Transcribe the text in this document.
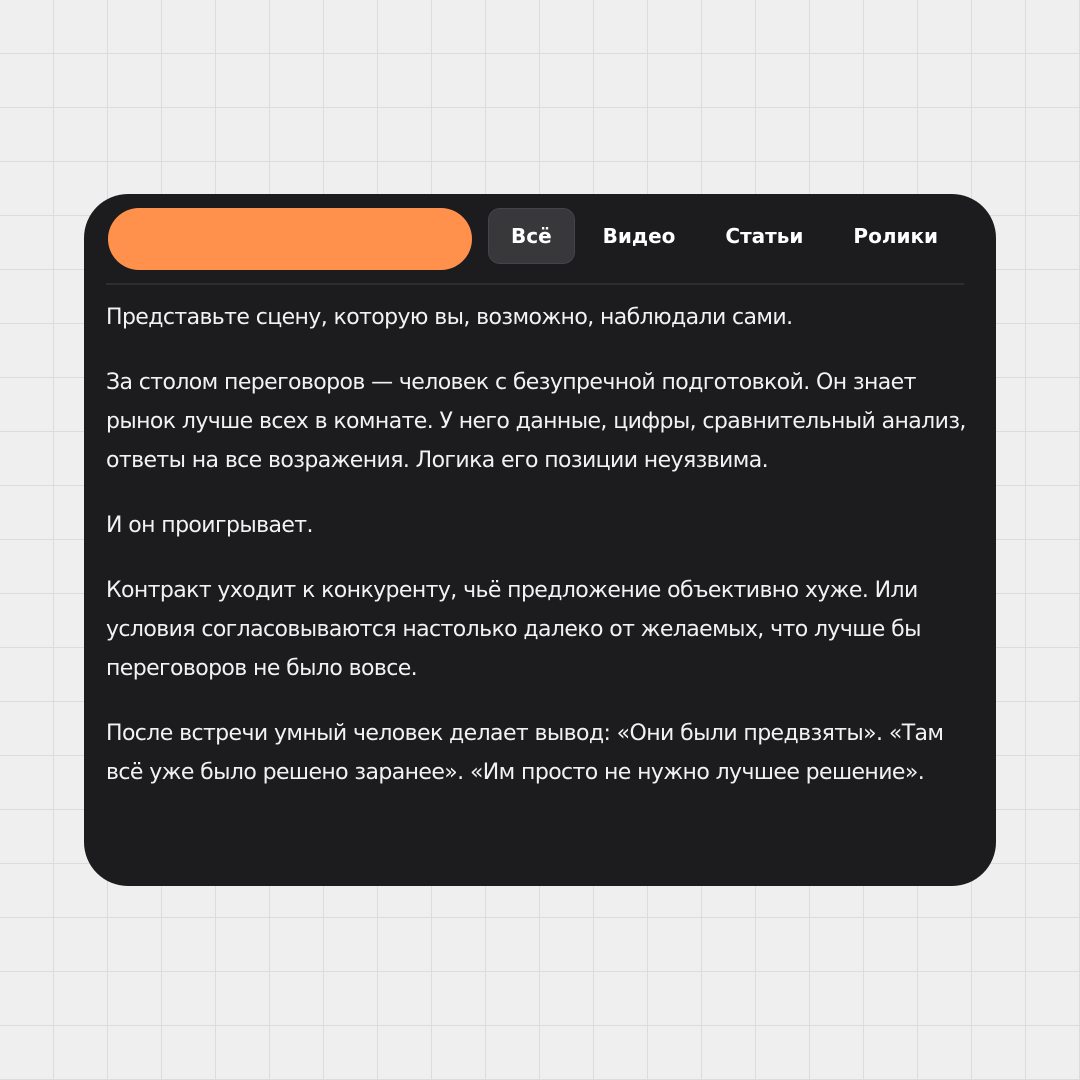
Всё	Видео	Статьи	Ролики

Представьте сцену, которую вы, возможно, наблюдали сами.

За столом переговоров — человек с безупречной подготовкой. Он знает рынок лучше всех в комнате. У него данные, цифры, сравнительный анализ, ответы на все возражения. Логика его позиции неуязвима.

И он проигрывает.

Контракт уходит к конкуренту, чьё предложение объективно хуже. Или условия согласовываются настолько далеко от желаемых, что лучше бы переговоров не было вовсе.

После встречи умный человек делает вывод: «Они были предвзяты». «Там всё уже было решено заранее». «Им просто не нужно лучшее решение».
